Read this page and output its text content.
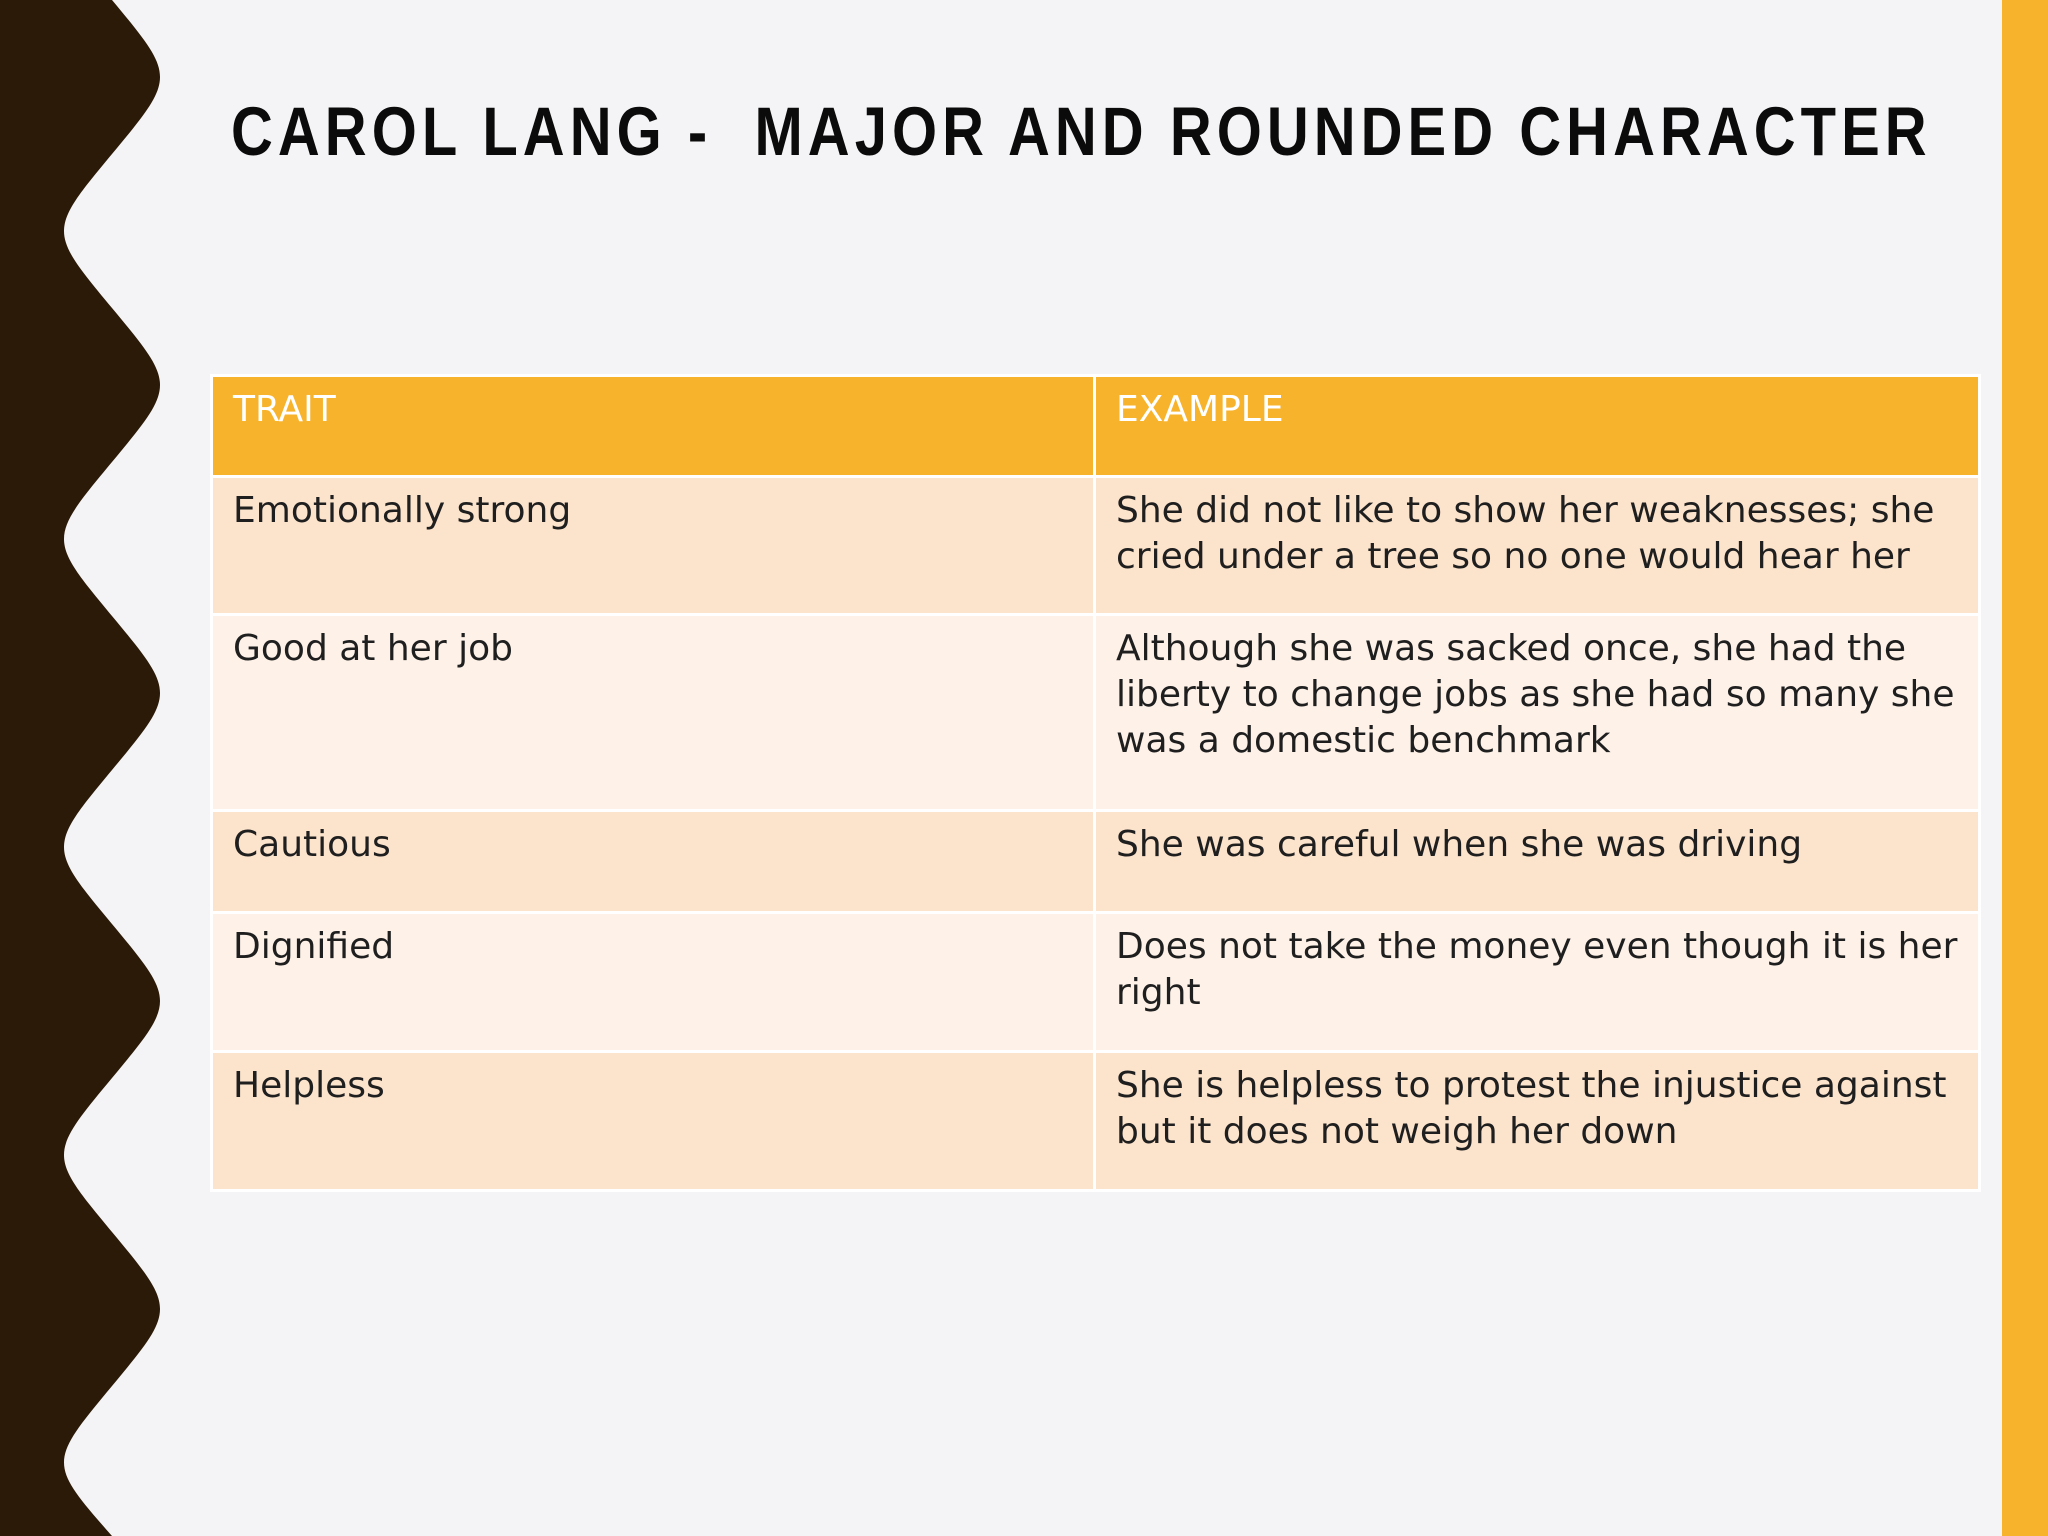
CAROL LANG -  MAJOR AND ROUNDED CHARACTER
TRAIT	EXAMPLE
Emotionally strong	She did not like to show her weaknesses; she cried under a tree so no one would hear her
Good at her job	Although she was sacked once, she had the liberty to change jobs as she had so many she was a domestic benchmark
Cautious	She was careful when she was driving
Dignified	Does not take the money even though it is her right
Helpless	She is helpless to protest the injustice against but it does not weigh her down
